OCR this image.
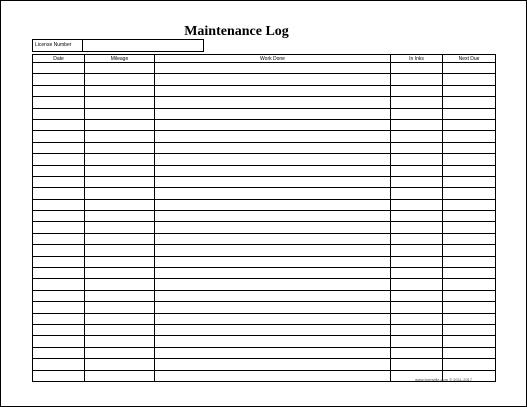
Maintenance Log
License Number
Date	Mileage	Work Done	In Inks	Next Due

www.formville.com © 2011-2017
